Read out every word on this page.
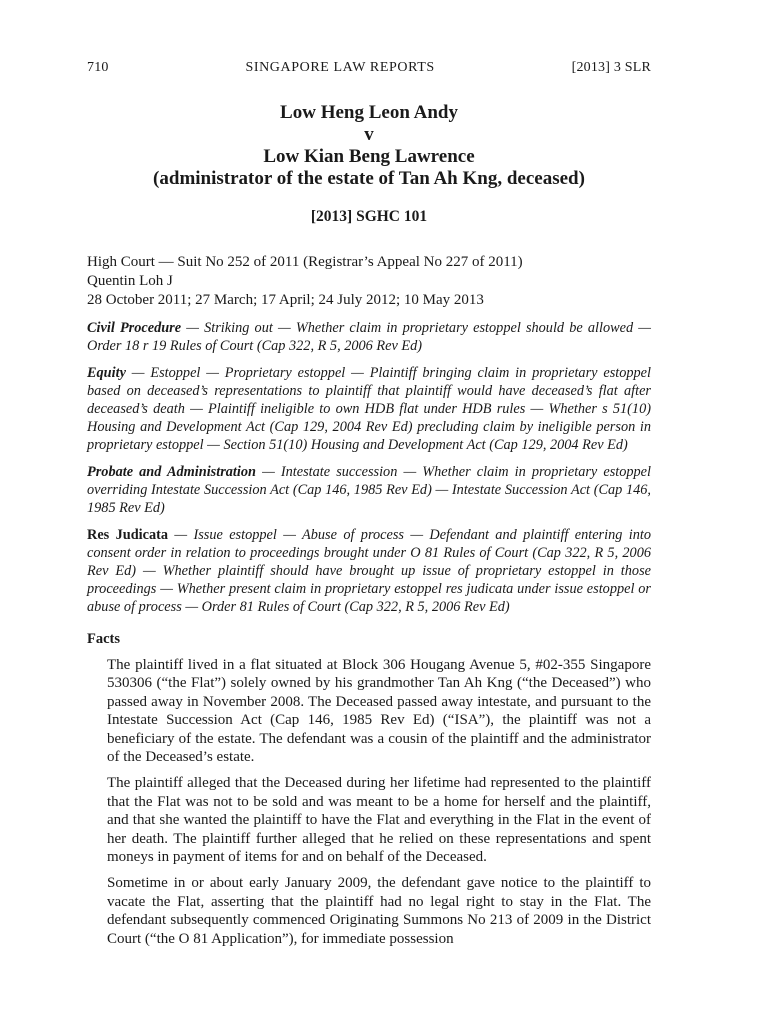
710	SINGAPORE LAW REPORTS	[2013] 3 SLR
Low Heng Leon Andy
v
Low Kian Beng Lawrence
(administrator of the estate of Tan Ah Kng, deceased)
[2013] SGHC 101
High Court — Suit No 252 of 2011 (Registrar’s Appeal No 227 of 2011)
Quentin Loh J
28 October 2011; 27 March; 17 April; 24 July 2012; 10 May 2013
Civil Procedure — Striking out — Whether claim in proprietary estoppel should be allowed — Order 18 r 19 Rules of Court (Cap 322, R 5, 2006 Rev Ed)
Equity — Estoppel — Proprietary estoppel — Plaintiff bringing claim in proprietary estoppel based on deceased’s representations to plaintiff that plaintiff would have deceased’s flat after deceased’s death — Plaintiff ineligible to own HDB flat under HDB rules — Whether s 51(10) Housing and Development Act (Cap 129, 2004 Rev Ed) precluding claim by ineligible person in proprietary estoppel — Section 51(10) Housing and Development Act (Cap 129, 2004 Rev Ed)
Probate and Administration — Intestate succession — Whether claim in proprietary estoppel overriding Intestate Succession Act (Cap 146, 1985 Rev Ed) — Intestate Succession Act (Cap 146, 1985 Rev Ed)
Res Judicata — Issue estoppel — Abuse of process — Defendant and plaintiff entering into consent order in relation to proceedings brought under O 81 Rules of Court (Cap 322, R 5, 2006 Rev Ed) — Whether plaintiff should have brought up issue of proprietary estoppel in those proceedings — Whether present claim in proprietary estoppel res judicata under issue estoppel or abuse of process — Order 81 Rules of Court (Cap 322, R 5, 2006 Rev Ed)
Facts
The plaintiff lived in a flat situated at Block 306 Hougang Avenue 5, #02-355 Singapore 530306 (“the Flat”) solely owned by his grandmother Tan Ah Kng (“the Deceased”) who passed away in November 2008. The Deceased passed away intestate, and pursuant to the Intestate Succession Act (Cap 146, 1985 Rev Ed) (“ISA”), the plaintiff was not a beneficiary of the estate. The defendant was a cousin of the plaintiff and the administrator of the Deceased’s estate.
The plaintiff alleged that the Deceased during her lifetime had represented to the plaintiff that the Flat was not to be sold and was meant to be a home for herself and the plaintiff, and that she wanted the plaintiff to have the Flat and everything in the Flat in the event of her death. The plaintiff further alleged that he relied on these representations and spent moneys in payment of items for and on behalf of the Deceased.
Sometime in or about early January 2009, the defendant gave notice to the plaintiff to vacate the Flat, asserting that the plaintiff had no legal right to stay in the Flat. The defendant subsequently commenced Originating Summons No 213 of 2009 in the District Court (“the O 81 Application”), for immediate possession
